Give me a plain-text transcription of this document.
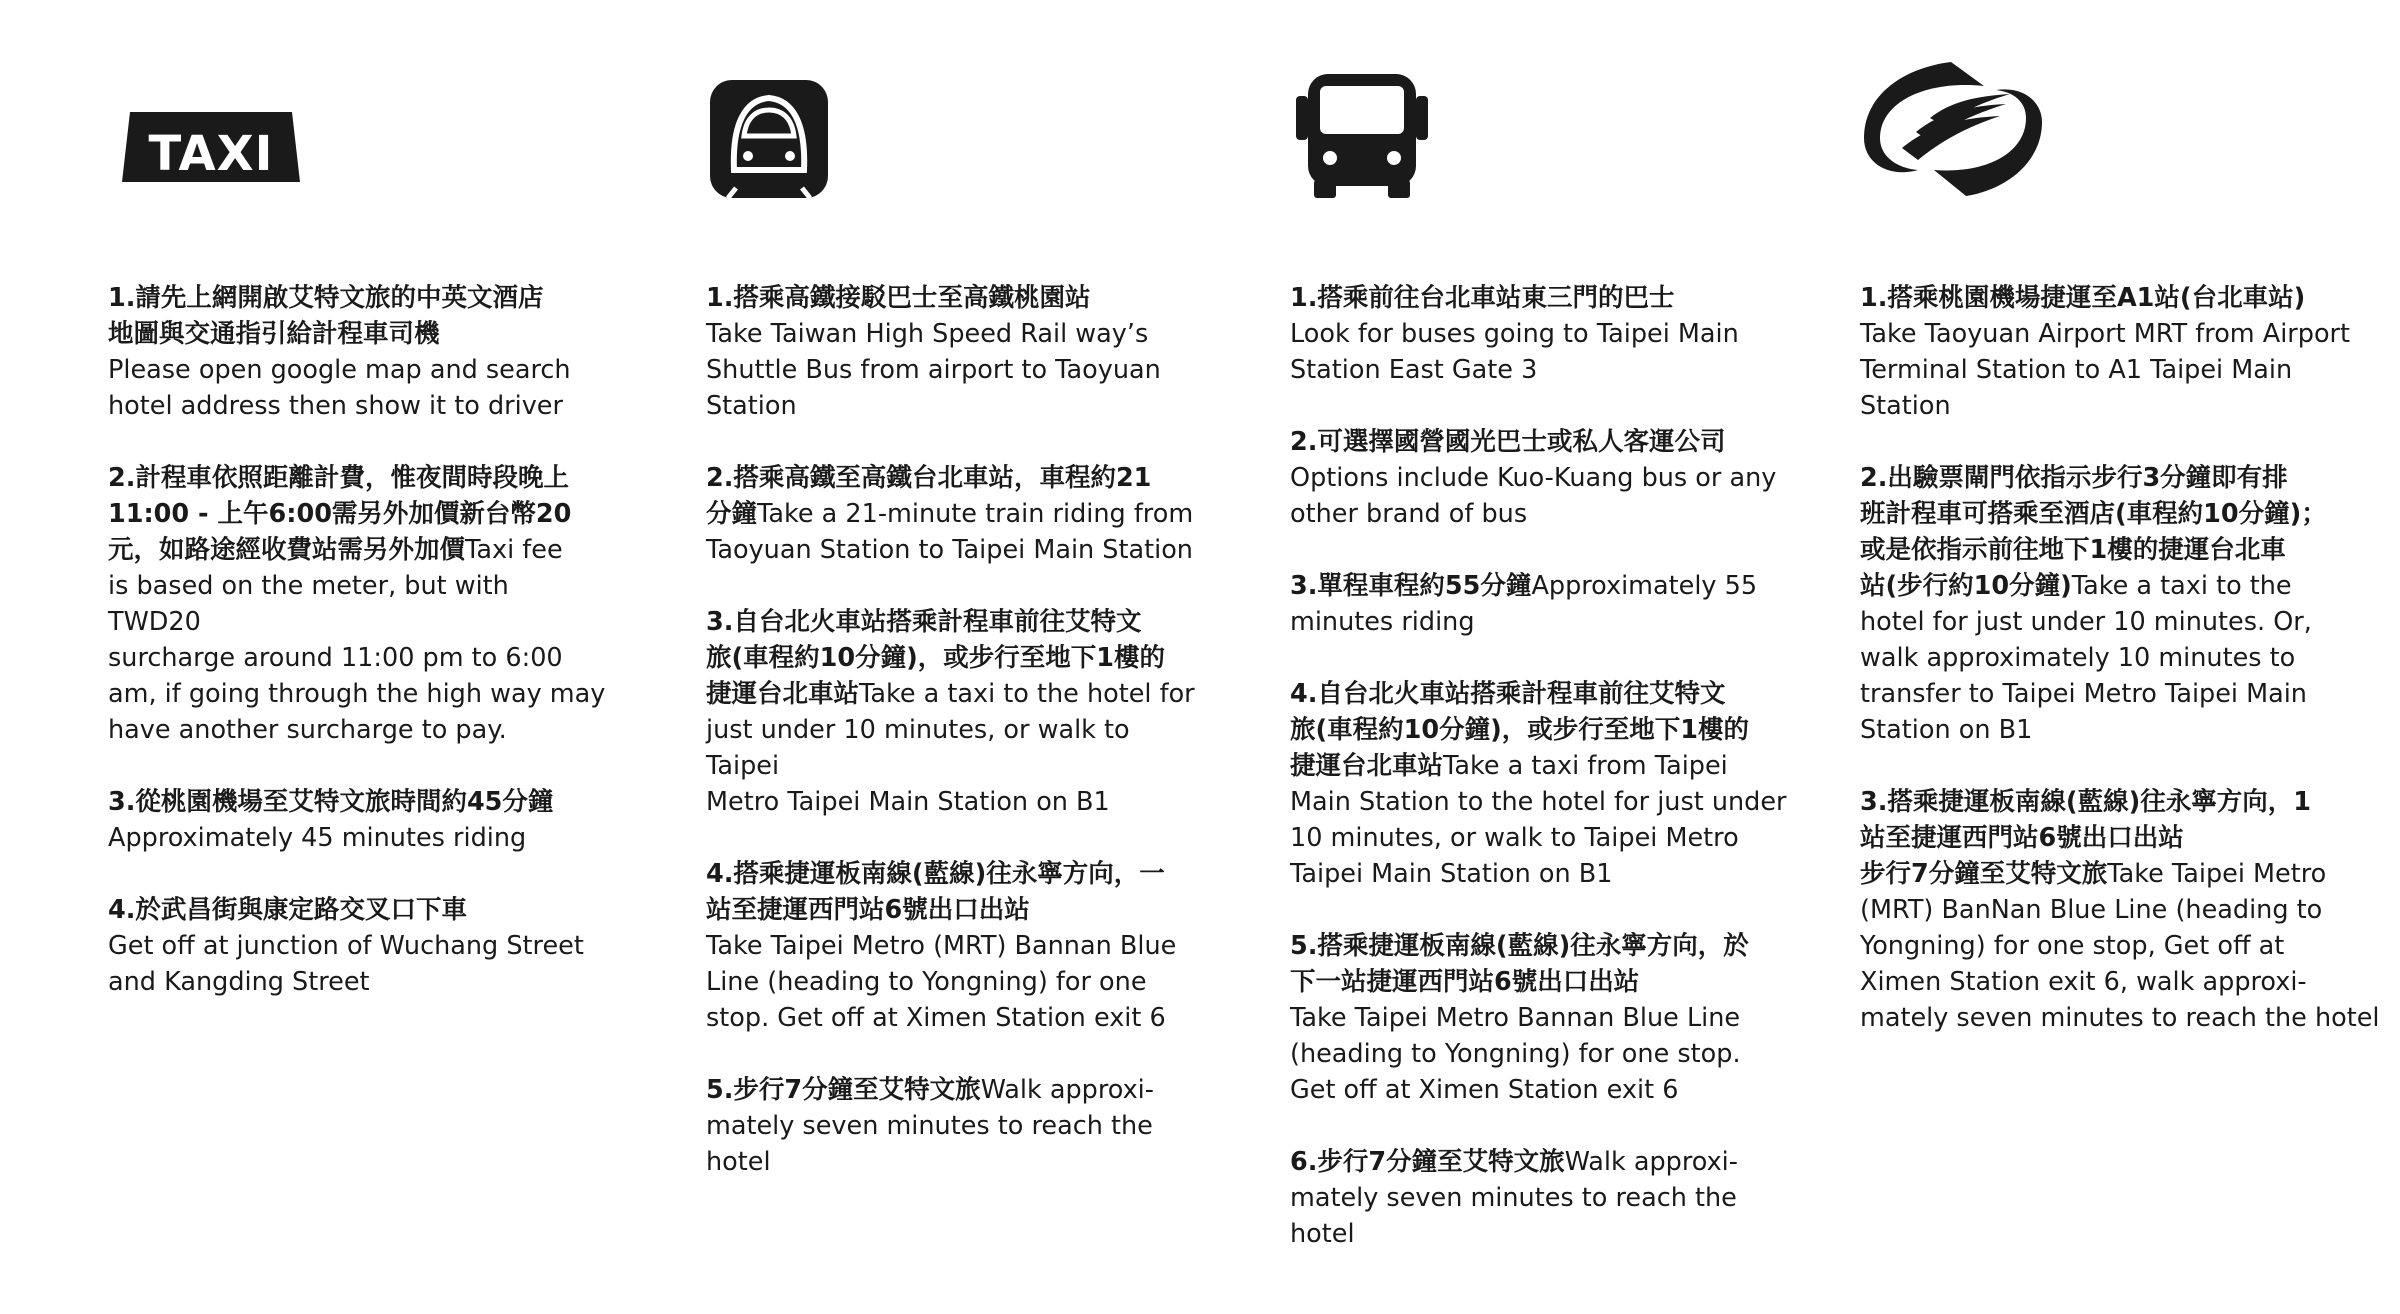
TAXI
1.請先上網開啟艾特文旅的中英文酒店
地圖與交通指引給計程車司機
Please open google map and search
hotel address then show it to driver
2.計程車依照距離計費，惟夜間時段晚上
11:00 - 上午6:00需另外加價新台幣20
元，如路途經收費站需另外加價Taxi fee
is based on the meter, but with TWD20
surcharge around 11:00 pm to 6:00
am, if going through the high way may
have another surcharge to pay.
3.從桃園機場至艾特文旅時間約45分鐘
Approximately 45 minutes riding
4.於武昌街與康定路交叉口下車
Get off at junction of Wuchang Street
and Kangding Street
1.搭乘高鐵接駁巴士至高鐵桃園站
Take Taiwan High Speed Rail way’s
Shuttle Bus from airport to Taoyuan
Station
2.搭乘高鐵至高鐵台北車站，車程約21
分鐘Take a 21-minute train riding from
Taoyuan Station to Taipei Main Station
3.自台北火車站搭乘計程車前往艾特文
旅(車程約10分鐘)，或步行至地下1樓的
捷運台北車站Take a taxi to the hotel for
just under 10 minutes, or walk to Taipei
Metro Taipei Main Station on B1
4.搭乘捷運板南線(藍線)往永寧方向，一
站至捷運西門站6號出口出站
Take Taipei Metro (MRT) Bannan Blue
Line (heading to Yongning) for one
stop. Get off at Ximen Station exit 6
5.步行7分鐘至艾特文旅Walk approxi-
mately seven minutes to reach the hotel
1.搭乘前往台北車站東三門的巴士
Look for buses going to Taipei Main
Station East Gate 3
2.可選擇國營國光巴士或私人客運公司
Options include Kuo-Kuang bus or any
other brand of bus
3.單程車程約55分鐘Approximately 55
minutes riding
4.自台北火車站搭乘計程車前往艾特文
旅(車程約10分鐘)，或步行至地下1樓的
捷運台北車站Take a taxi from Taipei
Main Station to the hotel for just under
10 minutes, or walk to Taipei Metro
Taipei Main Station on B1
5.搭乘捷運板南線(藍線)往永寧方向，於
下一站捷運西門站6號出口出站
Take Taipei Metro Bannan Blue Line
(heading to Yongning) for one stop.
Get off at Ximen Station exit 6
6.步行7分鐘至艾特文旅Walk approxi-
mately seven minutes to reach the hotel
1.搭乘桃園機場捷運至A1站(台北車站)
Take Taoyuan Airport MRT from Airport
Terminal Station to A1 Taipei Main
Station
2.出驗票閘門依指示步行3分鐘即有排
班計程車可搭乘至酒店(車程約10分鐘)；
或是依指示前往地下1樓的捷運台北車
站(步行約10分鐘)Take a taxi to the
hotel for just under 10 minutes. Or,
walk approximately 10 minutes to
transfer to Taipei Metro Taipei Main
Station on B1
3.搭乘捷運板南線(藍線)往永寧方向，1
站至捷運西門站6號出口出站
步行7分鐘至艾特文旅Take Taipei Metro
(MRT) BanNan Blue Line (heading to
Yongning) for one stop, Get off at
Ximen Station exit 6, walk approxi-
mately seven minutes to reach the hotel
